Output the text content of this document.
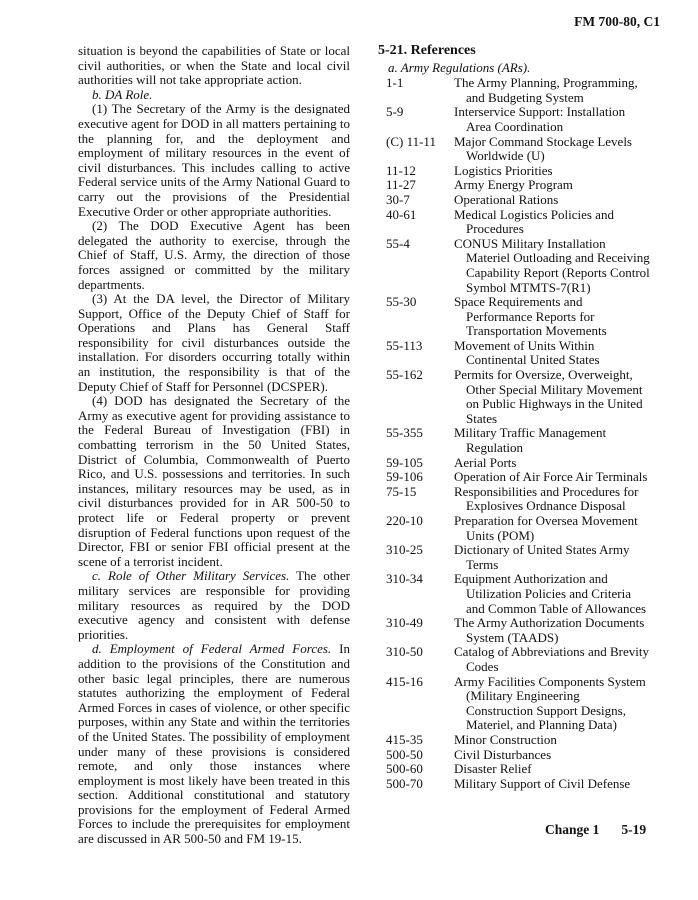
FM 700-80, C1

situation is beyond the capabilities of State or local civil authorities, or when the State and local civil authorities will not take appropriate action.

b. DA Role.

(1) The Secretary of the Army is the designated executive agent for DOD in all matters pertaining to the planning for, and the deployment and employment of military resources in the event of civil disturbances. This includes calling to active Federal service units of the Army National Guard to carry out the provisions of the Presidential Executive Order or other appropriate authorities.

(2) The DOD Executive Agent has been delegated the authority to exercise, through the Chief of Staff, U.S. Army, the direction of those forces assigned or committed by the military departments.

(3) At the DA level, the Director of Military Support, Office of the Deputy Chief of Staff for Operations and Plans has General Staff responsibility for civil disturbances outside the installation. For disorders occurring totally within an institution, the responsibility is that of the Deputy Chief of Staff for Personnel (DCSPER).

(4) DOD has designated the Secretary of the Army as executive agent for providing assistance to the Federal Bureau of Investigation (FBI) in combatting terrorism in the 50 United States, District of Columbia, Commonwealth of Puerto Rico, and U.S. possessions and territories. In such instances, military resources may be used, as in civil disturbances provided for in AR 500-50 to protect life or Federal property or prevent disruption of Federal functions upon request of the Director, FBI or senior FBI official present at the scene of a terrorist incident.

c. Role of Other Military Services. The other military services are responsible for providing military resources as required by the DOD executive agency and consistent with defense priorities.

d. Employment of Federal Armed Forces. In addition to the provisions of the Constitution and other basic legal principles, there are numerous statutes authorizing the employment of Federal Armed Forces in cases of violence, or other specific purposes, within any State and within the territories of the United States. The possibility of employment under many of these provisions is considered remote, and only those instances where employment is most likely have been treated in this section. Additional constitutional and statutory provisions for the employment of Federal Armed Forces to include the prerequisites for employment are discussed in AR 500-50 and FM 19-15.

5-21. References
a. Army Regulations (ARs).
1-1	The Army Planning, Programming, and Budgeting System
5-9	Interservice Support: Installation Area Coordination
(C) 11-11	Major Command Stockage Levels Worldwide (U)
11-12	Logistics Priorities
11-27	Army Energy Program
30-7	Operational Rations
40-61	Medical Logistics Policies and Procedures
55-4	CONUS Military Installation Materiel Outloading and Receiving Capability Report (Reports Control Symbol MTMTS-7(R1)
55-30	Space Requirements and Performance Reports for Transportation Movements
55-113	Movement of Units Within Continental United States
55-162	Permits for Oversize, Overweight, Other Special Military Movement on Public Highways in the United States
55-355	Military Traffic Management Regulation
59-105	Aerial Ports
59-106	Operation of Air Force Air Terminals
75-15	Responsibilities and Procedures for Explosives Ordnance Disposal
220-10	Preparation for Oversea Movement Units (POM)
310-25	Dictionary of United States Army Terms
310-34	Equipment Authorization and Utilization Policies and Criteria and Common Table of Allowances
310-49	The Army Authorization Documents System (TAADS)
310-50	Catalog of Abbreviations and Brevity Codes
415-16	Army Facilities Components System (Military Engineering Construction Support Designs, Materiel, and Planning Data)
415-35	Minor Construction
500-50	Civil Disturbances
500-60	Disaster Relief
500-70	Military Support of Civil Defense
Change 1 5-19
